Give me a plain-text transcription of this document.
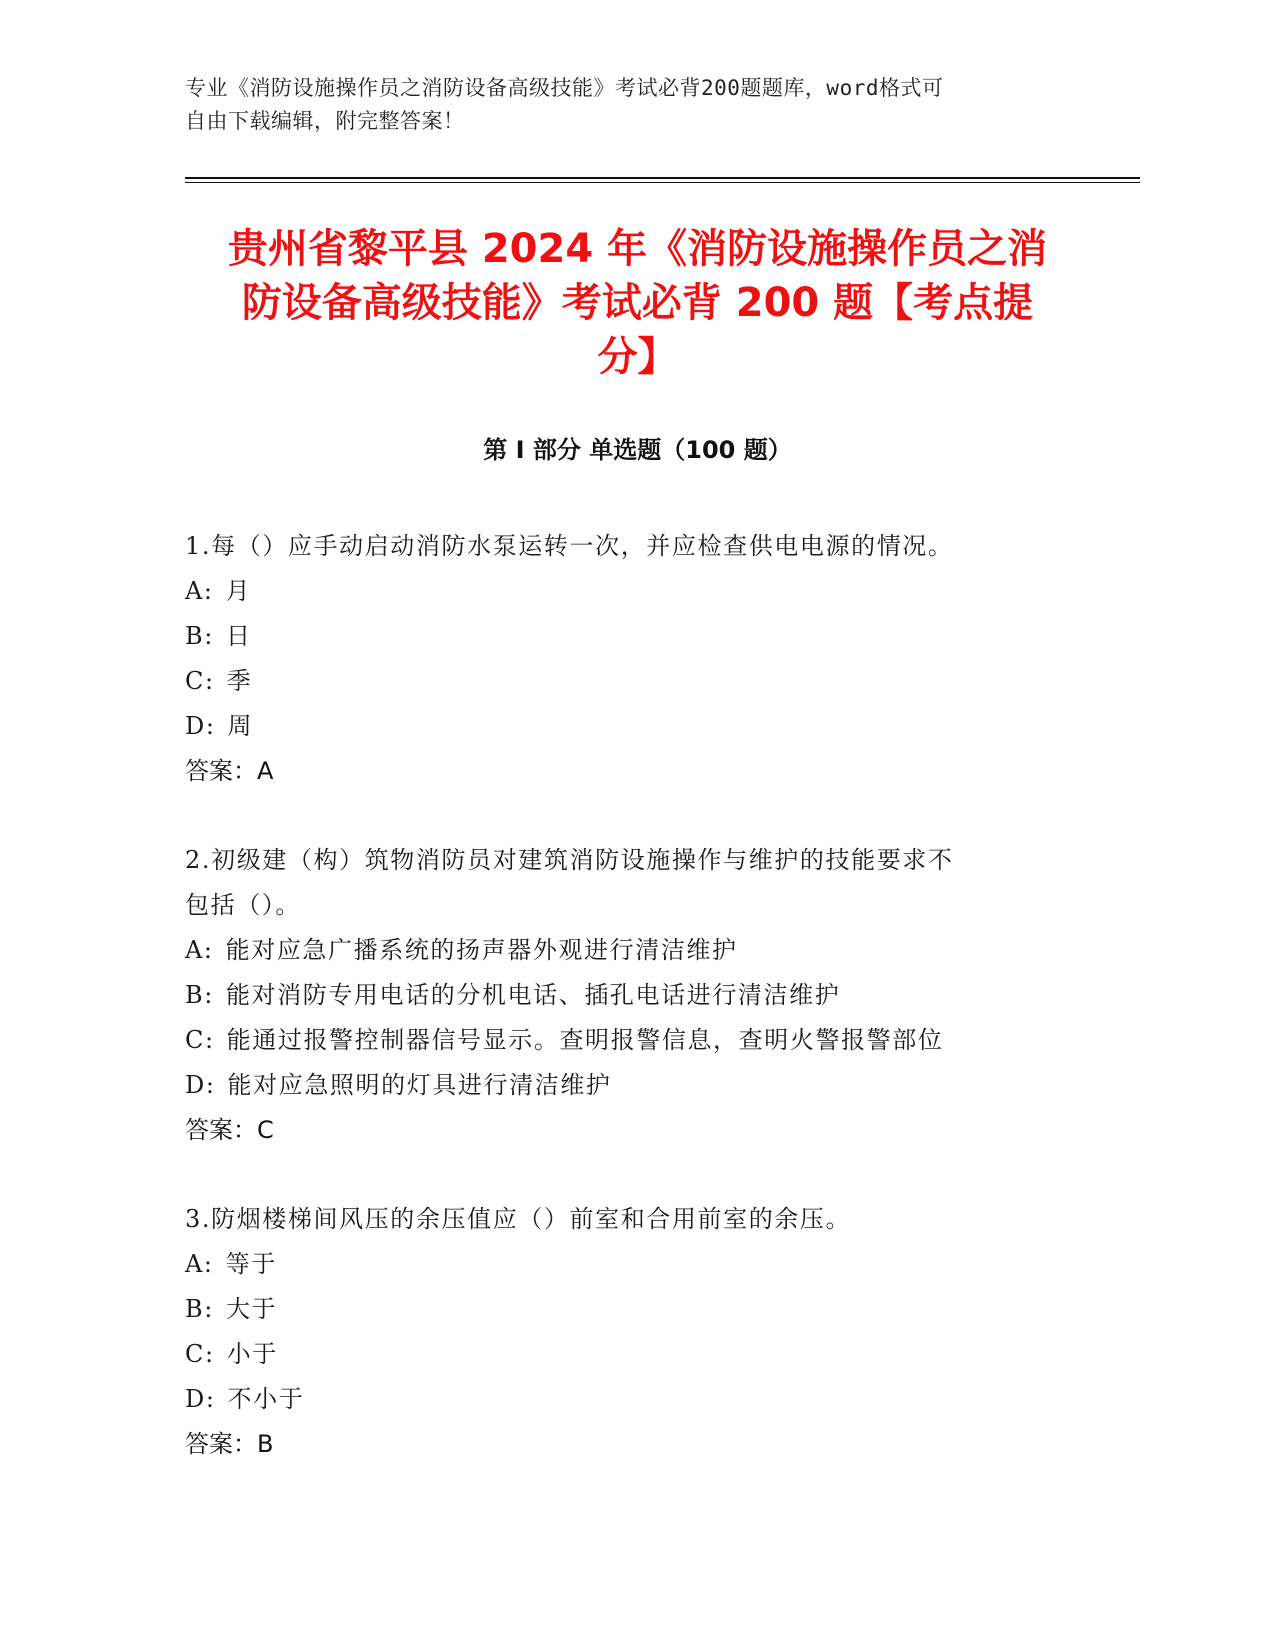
专业《消防设施操作员之消防设备高级技能》考试必背200题题库，word格式可
自由下载编辑，附完整答案！
贵州省黎平县 2024 年《消防设施操作员之消
防设备高级技能》考试必背 200 题【考点提
分】
第 I 部分 单选题（100 题）
1.每（）应手动启动消防水泵运转一次，并应检查供电电源的情况。
A: 月
B: 日
C: 季
D: 周
答案：A
2.初级建（构）筑物消防员对建筑消防设施操作与维护的技能要求不
包括（）。
A: 能对应急广播系统的扬声器外观进行清洁维护
B: 能对消防专用电话的分机电话、插孔电话进行清洁维护
C: 能通过报警控制器信号显示。查明报警信息，查明火警报警部位
D: 能对应急照明的灯具进行清洁维护
答案：C
3.防烟楼梯间风压的余压值应（）前室和合用前室的余压。
A: 等于
B: 大于
C: 小于
D: 不小于
答案：B
